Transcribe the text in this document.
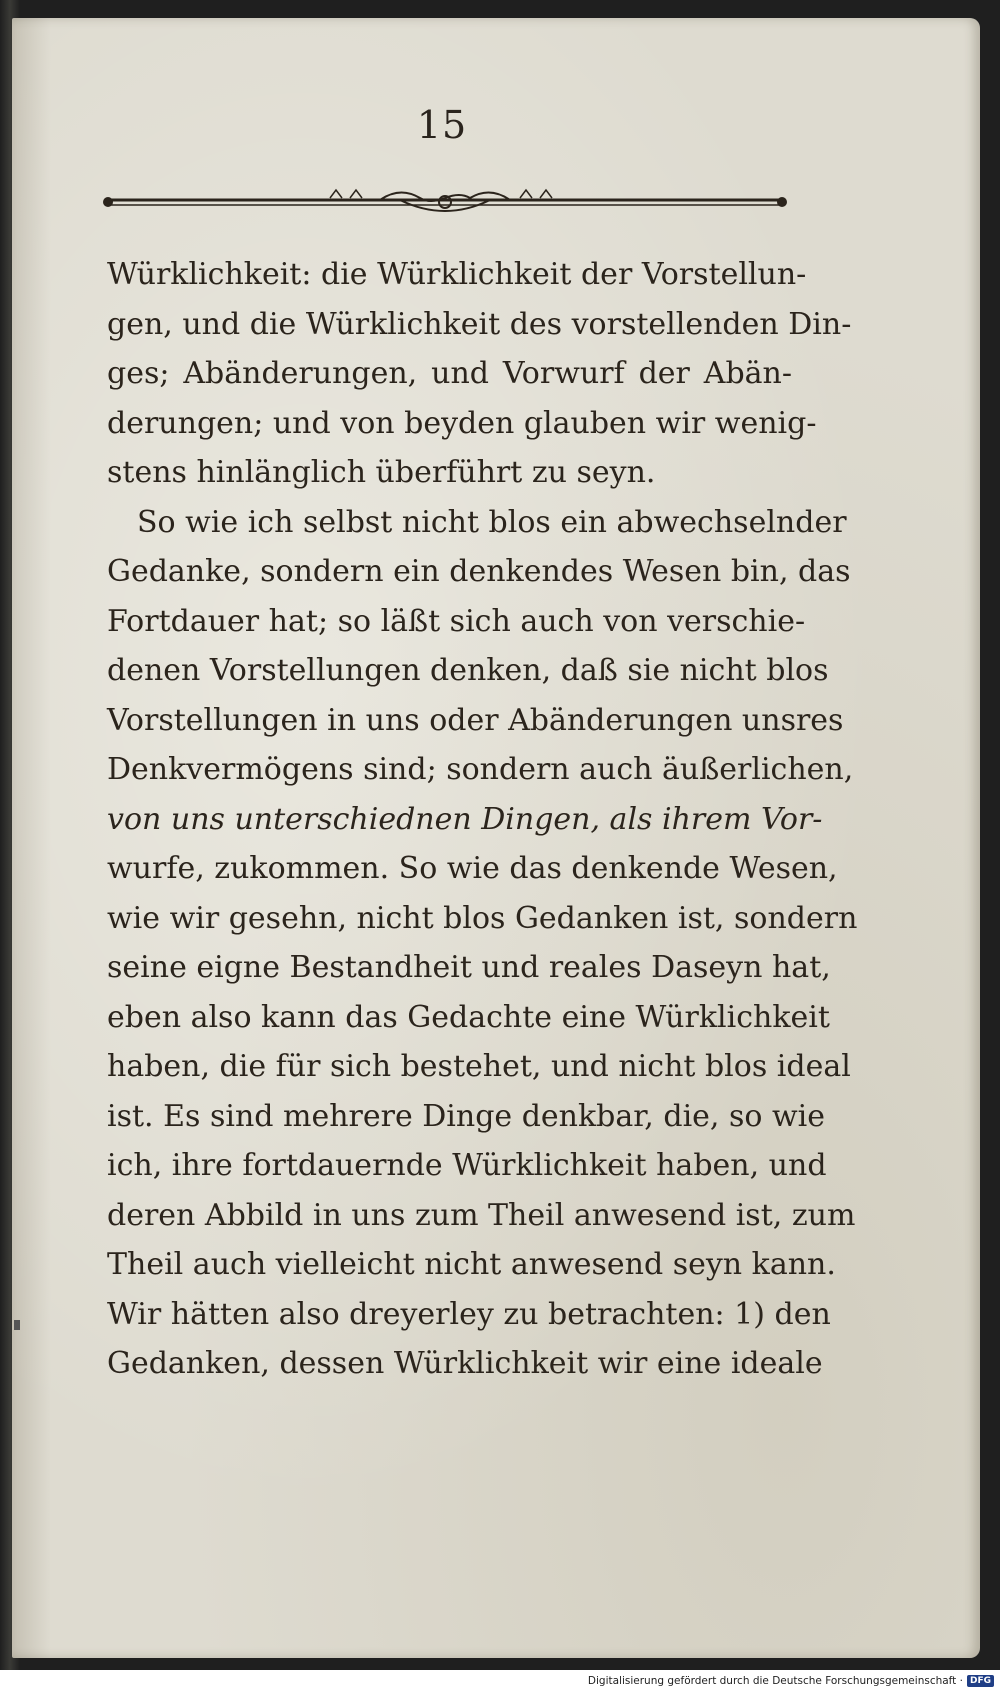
15
Würklichkeit: die Würklichkeit der Vorstellun-
gen, und die Würklichkeit des vorstellenden Din-
ges; Abänderungen, und Vorwurf der Abän-
derungen; und von beyden glauben wir wenig-
stens hinlänglich überführt zu seyn.
So wie ich selbst nicht blos ein abwechselnder
Gedanke, sondern ein denkendes Wesen bin, das
Fortdauer hat; so läßt sich auch von verschie-
denen Vorstellungen denken, daß sie nicht blos
Vorstellungen in uns oder Abänderungen unsres
Denkvermögens sind; sondern auch äußerlichen,
von uns unterschiednen Dingen, als ihrem Vor-
wurfe, zukommen. So wie das denkende Wesen,
wie wir gesehn, nicht blos Gedanken ist, sondern
seine eigne Bestandheit und reales Daseyn hat,
eben also kann das Gedachte eine Würklichkeit
haben, die für sich bestehet, und nicht blos ideal
ist. Es sind mehrere Dinge denkbar, die, so wie
ich, ihre fortdauernde Würklichkeit haben, und
deren Abbild in uns zum Theil anwesend ist, zum
Theil auch vielleicht nicht anwesend seyn kann.
Wir hätten also dreyerley zu betrachten: 1) den
Gedanken, dessen Würklichkeit wir eine ideale
Digitalisierung gefördert durch die Deutsche Forschungsgemeinschaft · DFG
